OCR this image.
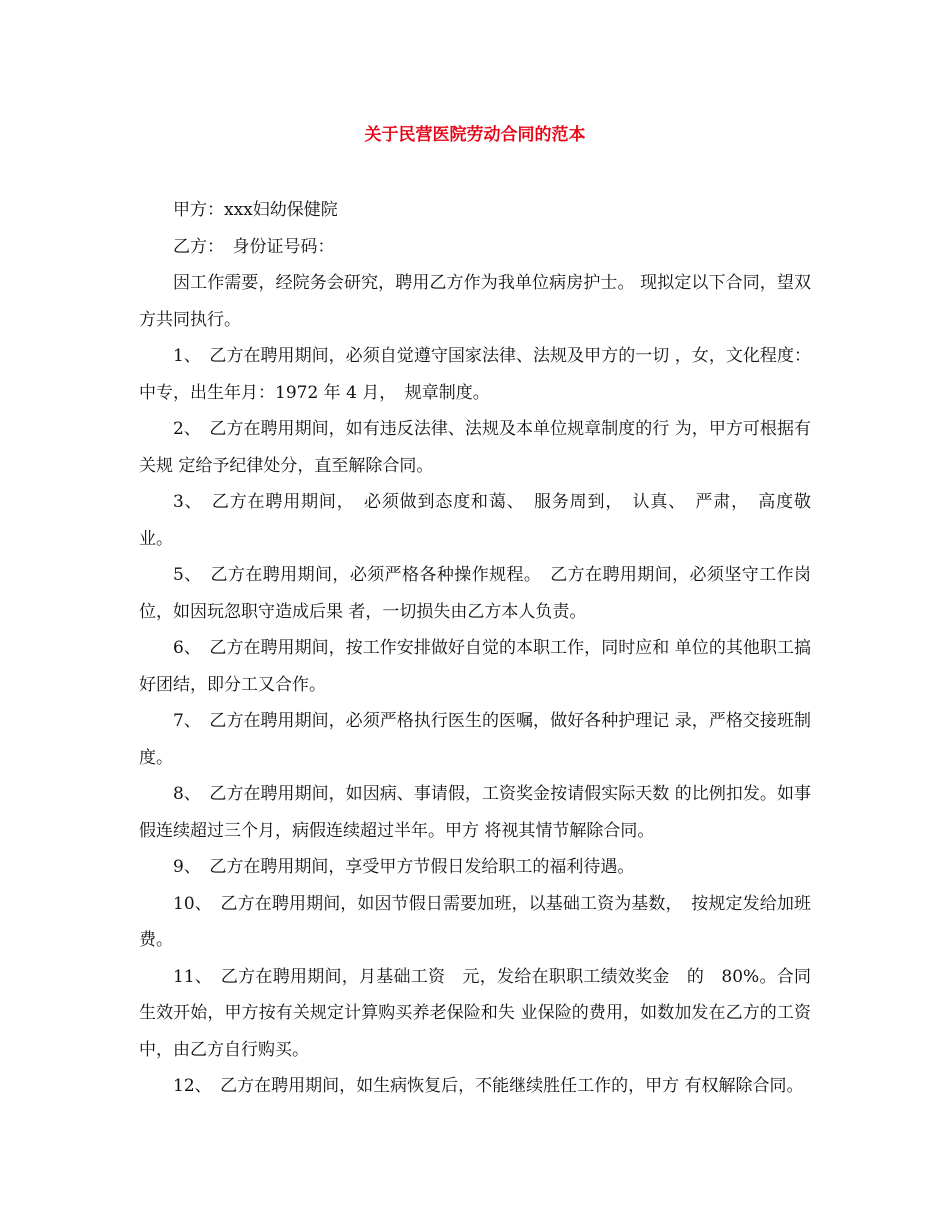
关于民营医院劳动合同的范本

甲方：xxx妇幼保健院

乙方：　身份证号码：

因工作需要，经院务会研究，聘用乙方作为我单位病房护士。 现拟定以下合同，望双方共同执行。

1、　乙方在聘用期间，必须自觉遵守国家法律、法规及甲方的一切 ，女，文化程度：中专，出生年月：1972 年 4 月，　规章制度。

2、　乙方在聘用期间，如有违反法律、法规及本单位规章制度的行 为，甲方可根据有关规 定给予纪律处分，直至解除合同。

3、　乙方在聘用期间，　必须做到态度和蔼、　服务周到，　认真、　严肃，　高度敬业。

5、　乙方在聘用期间，必须严格各种操作规程。　乙方在聘用期间，必须坚守工作岗位，如因玩忽职守造成后果 者，一切损失由乙方本人负责。

6、　乙方在聘用期间，按工作安排做好自觉的本职工作，同时应和 单位的其他职工搞好团结，即分工又合作。

7、　乙方在聘用期间，必须严格执行医生的医嘱，做好各种护理记 录，严格交接班制度。

8、　乙方在聘用期间，如因病、事请假，工资奖金按请假实际天数 的比例扣发。如事假连续超过三个月，病假连续超过半年。甲方 将视其情节解除合同。

9、　乙方在聘用期间，享受甲方节假日发给职工的福利待遇。

10、　乙方在聘用期间，如因节假日需要加班，以基础工资为基数，　按规定发给加班费。

11、　乙方在聘用期间，月基础工资　元，发给在职职工绩效奖金　的　80%。合同生效开始，甲方按有关规定计算购买养老保险和失 业保险的费用，如数加发在乙方的工资中，由乙方自行购买。

12、　乙方在聘用期间，如生病恢复后，不能继续胜任工作的，甲方 有权解除合同。
